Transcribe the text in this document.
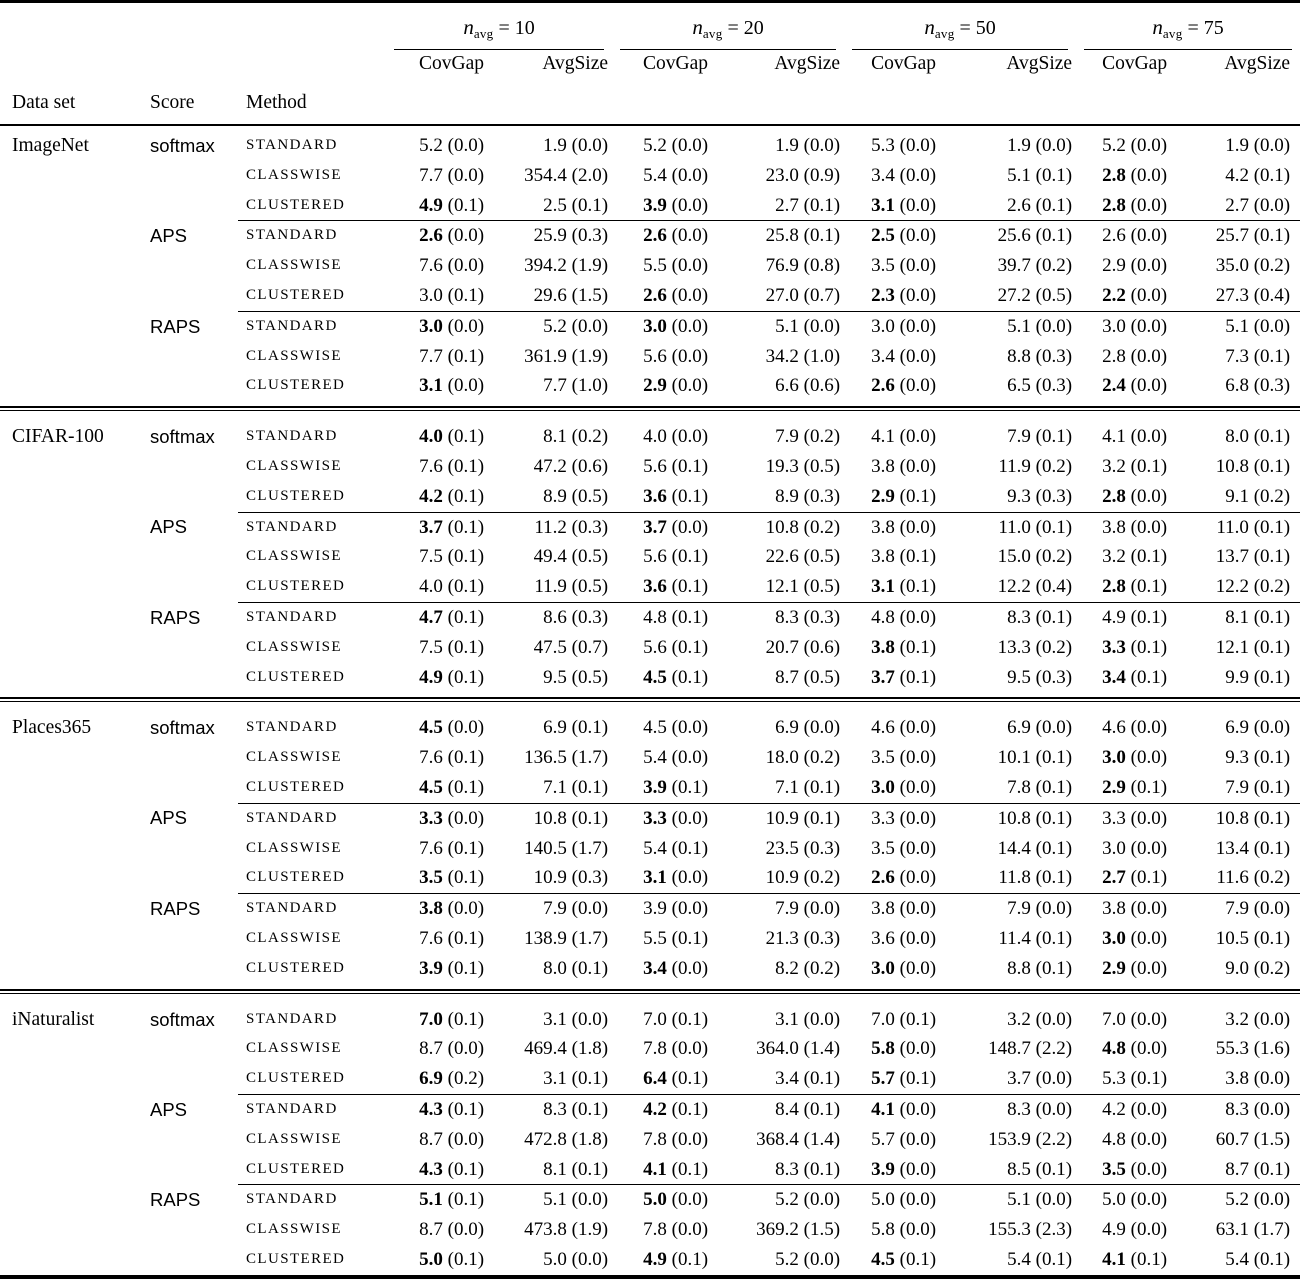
			$n_{avg} = 10$		$n_{avg} = 20$		$n_{avg} = 50$		$n_{avg} = 75$	

Data set	Score	Method	CovGap	AvgSize	CovGap	AvgSize	CovGap	AvgSize	CovGap	AvgSize
ImageNet	softmax	STANDARD	5.2 (0.0)	1.9 (0.0)	5.2 (0.0)	1.9 (0.0)	5.3 (0.0)	1.9 (0.0)	5.2 (0.0)	1.9 (0.0)
		CLASSWISE	7.7 (0.0)	354.4 (2.0)	5.4 (0.0)	23.0 (0.9)	3.4 (0.0)	5.1 (0.1)	2.8 (0.0)	4.2 (0.1)
		CLUSTERED	4.9 (0.1)	2.5 (0.1)	3.9 (0.0)	2.7 (0.1)	3.1 (0.0)	2.6 (0.1)	2.8 (0.0)	2.7 (0.0)
	APS	STANDARD	2.6 (0.0)	25.9 (0.3)	2.6 (0.0)	25.8 (0.1)	2.5 (0.0)	25.6 (0.1)	2.6 (0.0)	25.7 (0.1)
		CLASSWISE	7.6 (0.0)	394.2 (1.9)	5.5 (0.0)	76.9 (0.8)	3.5 (0.0)	39.7 (0.2)	2.9 (0.0)	35.0 (0.2)
		CLUSTERED	3.0 (0.1)	29.6 (1.5)	2.6 (0.0)	27.0 (0.7)	2.3 (0.0)	27.2 (0.5)	2.2 (0.0)	27.3 (0.4)
	RAPS	STANDARD	3.0 (0.0)	5.2 (0.0)	3.0 (0.0)	5.1 (0.0)	3.0 (0.0)	5.1 (0.0)	3.0 (0.0)	5.1 (0.0)
		CLASSWISE	7.7 (0.1)	361.9 (1.9)	5.6 (0.0)	34.2 (1.0)	3.4 (0.0)	8.8 (0.3)	2.8 (0.0)	7.3 (0.1)
		CLUSTERED	3.1 (0.0)	7.7 (1.0)	2.9 (0.0)	6.6 (0.6)	2.6 (0.0)	6.5 (0.3)	2.4 (0.0)	6.8 (0.3)

CIFAR-100	softmax	STANDARD	4.0 (0.1)	8.1 (0.2)	4.0 (0.0)	7.9 (0.2)	4.1 (0.0)	7.9 (0.1)	4.1 (0.0)	8.0 (0.1)
		CLASSWISE	7.6 (0.1)	47.2 (0.6)	5.6 (0.1)	19.3 (0.5)	3.8 (0.0)	11.9 (0.2)	3.2 (0.1)	10.8 (0.1)
		CLUSTERED	4.2 (0.1)	8.9 (0.5)	3.6 (0.1)	8.9 (0.3)	2.9 (0.1)	9.3 (0.3)	2.8 (0.0)	9.1 (0.2)
	APS	STANDARD	3.7 (0.1)	11.2 (0.3)	3.7 (0.0)	10.8 (0.2)	3.8 (0.0)	11.0 (0.1)	3.8 (0.0)	11.0 (0.1)
		CLASSWISE	7.5 (0.1)	49.4 (0.5)	5.6 (0.1)	22.6 (0.5)	3.8 (0.1)	15.0 (0.2)	3.2 (0.1)	13.7 (0.1)
		CLUSTERED	4.0 (0.1)	11.9 (0.5)	3.6 (0.1)	12.1 (0.5)	3.1 (0.1)	12.2 (0.4)	2.8 (0.1)	12.2 (0.2)
	RAPS	STANDARD	4.7 (0.1)	8.6 (0.3)	4.8 (0.1)	8.3 (0.3)	4.8 (0.0)	8.3 (0.1)	4.9 (0.1)	8.1 (0.1)
		CLASSWISE	7.5 (0.1)	47.5 (0.7)	5.6 (0.1)	20.7 (0.6)	3.8 (0.1)	13.3 (0.2)	3.3 (0.1)	12.1 (0.1)
		CLUSTERED	4.9 (0.1)	9.5 (0.5)	4.5 (0.1)	8.7 (0.5)	3.7 (0.1)	9.5 (0.3)	3.4 (0.1)	9.9 (0.1)

Places365	softmax	STANDARD	4.5 (0.0)	6.9 (0.1)	4.5 (0.0)	6.9 (0.0)	4.6 (0.0)	6.9 (0.0)	4.6 (0.0)	6.9 (0.0)
		CLASSWISE	7.6 (0.1)	136.5 (1.7)	5.4 (0.0)	18.0 (0.2)	3.5 (0.0)	10.1 (0.1)	3.0 (0.0)	9.3 (0.1)
		CLUSTERED	4.5 (0.1)	7.1 (0.1)	3.9 (0.1)	7.1 (0.1)	3.0 (0.0)	7.8 (0.1)	2.9 (0.1)	7.9 (0.1)
	APS	STANDARD	3.3 (0.0)	10.8 (0.1)	3.3 (0.0)	10.9 (0.1)	3.3 (0.0)	10.8 (0.1)	3.3 (0.0)	10.8 (0.1)
		CLASSWISE	7.6 (0.1)	140.5 (1.7)	5.4 (0.1)	23.5 (0.3)	3.5 (0.0)	14.4 (0.1)	3.0 (0.0)	13.4 (0.1)
		CLUSTERED	3.5 (0.1)	10.9 (0.3)	3.1 (0.0)	10.9 (0.2)	2.6 (0.0)	11.8 (0.1)	2.7 (0.1)	11.6 (0.2)
	RAPS	STANDARD	3.8 (0.0)	7.9 (0.0)	3.9 (0.0)	7.9 (0.0)	3.8 (0.0)	7.9 (0.0)	3.8 (0.0)	7.9 (0.0)
		CLASSWISE	7.6 (0.1)	138.9 (1.7)	5.5 (0.1)	21.3 (0.3)	3.6 (0.0)	11.4 (0.1)	3.0 (0.0)	10.5 (0.1)
		CLUSTERED	3.9 (0.1)	8.0 (0.1)	3.4 (0.0)	8.2 (0.2)	3.0 (0.0)	8.8 (0.1)	2.9 (0.0)	9.0 (0.2)

iNaturalist	softmax	STANDARD	7.0 (0.1)	3.1 (0.0)	7.0 (0.1)	3.1 (0.0)	7.0 (0.1)	3.2 (0.0)	7.0 (0.0)	3.2 (0.0)
		CLASSWISE	8.7 (0.0)	469.4 (1.8)	7.8 (0.0)	364.0 (1.4)	5.8 (0.0)	148.7 (2.2)	4.8 (0.0)	55.3 (1.6)
		CLUSTERED	6.9 (0.2)	3.1 (0.1)	6.4 (0.1)	3.4 (0.1)	5.7 (0.1)	3.7 (0.0)	5.3 (0.1)	3.8 (0.0)
	APS	STANDARD	4.3 (0.1)	8.3 (0.1)	4.2 (0.1)	8.4 (0.1)	4.1 (0.0)	8.3 (0.0)	4.2 (0.0)	8.3 (0.0)
		CLASSWISE	8.7 (0.0)	472.8 (1.8)	7.8 (0.0)	368.4 (1.4)	5.7 (0.0)	153.9 (2.2)	4.8 (0.0)	60.7 (1.5)
		CLUSTERED	4.3 (0.1)	8.1 (0.1)	4.1 (0.1)	8.3 (0.1)	3.9 (0.0)	8.5 (0.1)	3.5 (0.0)	8.7 (0.1)
	RAPS	STANDARD	5.1 (0.1)	5.1 (0.0)	5.0 (0.0)	5.2 (0.0)	5.0 (0.0)	5.1 (0.0)	5.0 (0.0)	5.2 (0.0)
		CLASSWISE	8.7 (0.0)	473.8 (1.9)	7.8 (0.0)	369.2 (1.5)	5.8 (0.0)	155.3 (2.3)	4.9 (0.0)	63.1 (1.7)
		CLUSTERED	5.0 (0.1)	5.0 (0.0)	4.9 (0.1)	5.2 (0.0)	4.5 (0.1)	5.4 (0.1)	4.1 (0.1)	5.4 (0.1)
